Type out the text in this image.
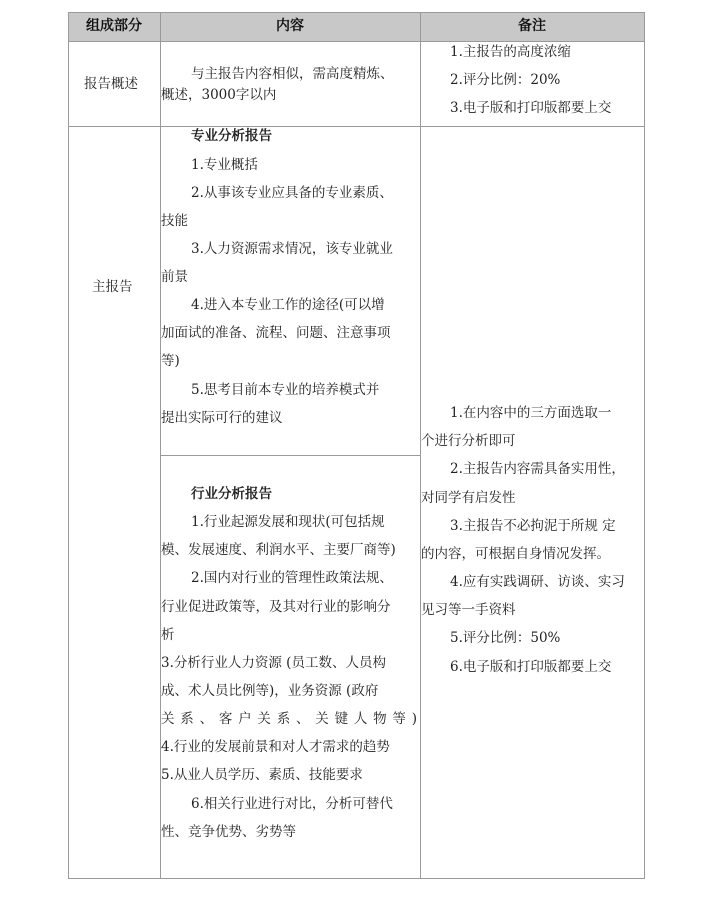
组成部分	内容	备注
报告概述
与主报告内容相似，需高度精炼、
概述，3000字以内
1.主报告的高度浓缩
2.评分比例：20%
3.电子版和打印版都要上交
主报告
专业分析报告
1.专业概括
2.从事该专业应具备的专业素质、
技能
3.人力资源需求情况，该专业就业
前景
4.进入本专业工作的途径(可以增
加面试的准备、流程、问题、注意事项
等)
5.思考目前本专业的培养模式并
提出实际可行的建议
行业分析报告
1.行业起源发展和现状(可包括规
模、发展速度、利润水平、主要厂商等)
2.国内对行业的管理性政策法规、
行业促进政策等，及其对行业的影响分
析
3.分析行业人力资源 (员工数、人员构
成、术人员比例等)，业务资源 (政府
关 系 、 客 户 关 系 、 关 键 人 物 等 )
4.行业的发展前景和对人才需求的趋势
5.从业人员学历、素质、技能要求
6.相关行业进行对比，分析可替代
性、竞争优势、劣势等
1.在内容中的三方面选取一
个进行分析即可
2.主报告内容需具备实用性，
对同学有启发性
3.主报告不必拘泥于所规 定
的内容，可根据自身情况发挥。
4.应有实践调研、访谈、实习
见习等一手资料
5.评分比例：50%
6.电子版和打印版都要上交
